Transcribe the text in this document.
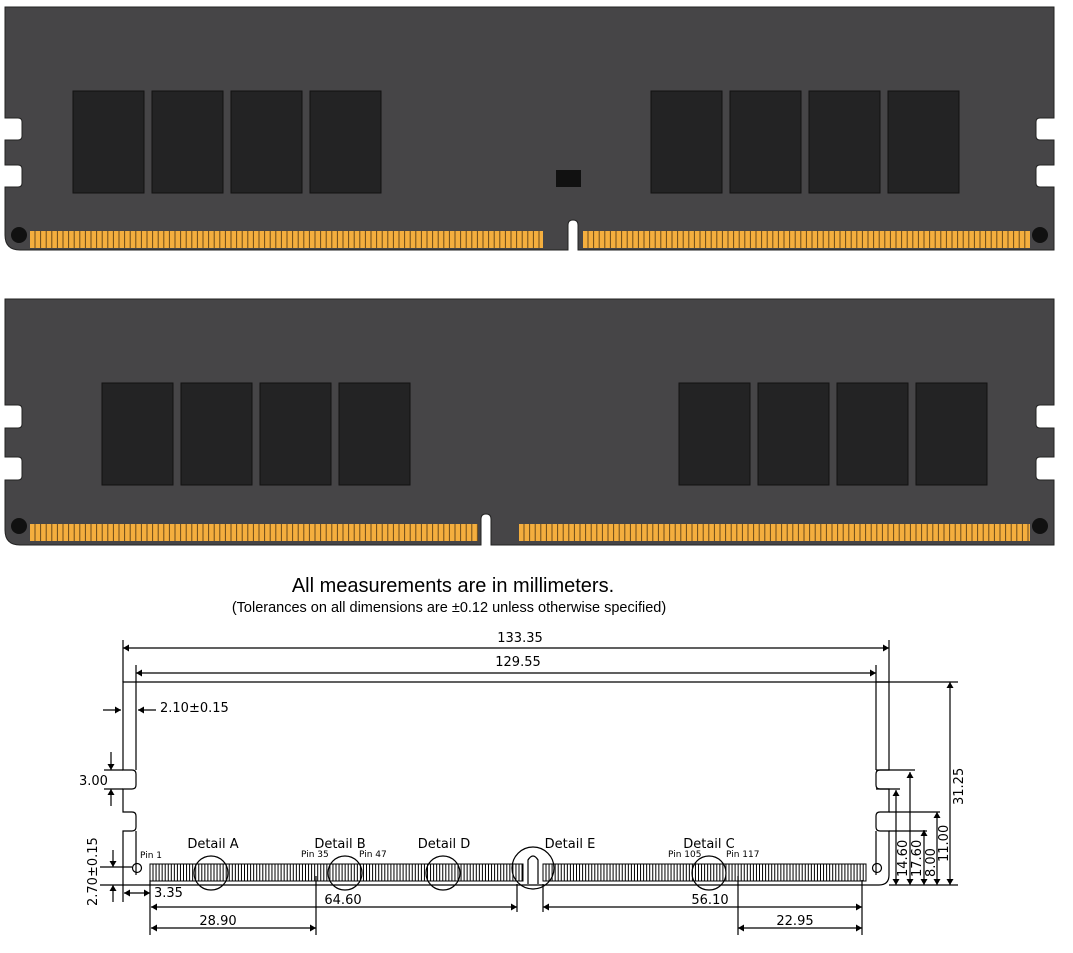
All measurements are in millimeters.
(Tolerances on all dimensions are ±0.12 unless otherwise specified)
Detail A	Detail B	Detail D	Detail E	Detail C
Pin 1	Pin 35	Pin 47	Pin 105	Pin 117
133.35
129.55
2.10±0.15
3.00
2.70±0.15	3.35	64.60
28.90
56.10
22.95
14.60 17.60 8.00
11.00
31.25
